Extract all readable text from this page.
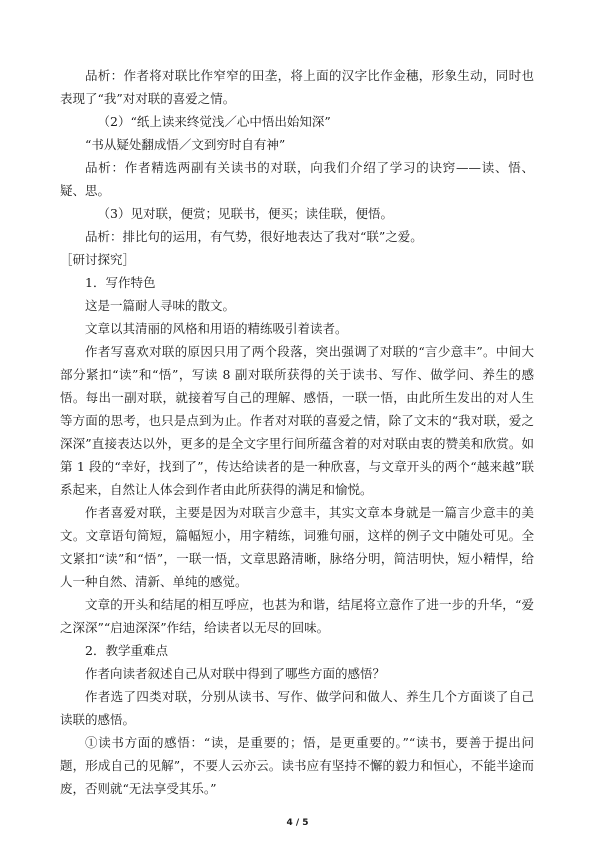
品析：作者将对联比作窄窄的田垄，将上面的汉字比作金穗，形象生动，同时也表现了“我”对对联的喜爱之情。

（2）“纸上读来终觉浅／心中悟出始知深”

“书从疑处翻成悟／文到穷时自有神”

品析：作者精选两副有关读书的对联，向我们介绍了学习的诀窍——读、悟、疑、思。

（3）见对联，便赏；见联书，便买；读佳联，便悟。

品析：排比句的运用，有气势，很好地表达了我对“联”之爱。

［研讨探究］

1．写作特色

这是一篇耐人寻味的散文。

文章以其清丽的风格和用语的精练吸引着读者。

作者写喜欢对联的原因只用了两个段落，突出强调了对联的“言少意丰”。中间大部分紧扣“读”和“悟”，写读 8 副对联所获得的关于读书、写作、做学问、养生的感悟。每出一副对联，就接着写自己的理解、感悟，一联一悟，由此所生发出的对人生等方面的思考，也只是点到为止。作者对对联的喜爱之情，除了文末的“我对联，爱之深深”直接表达以外，更多的是全文字里行间所蕴含着的对对联由衷的赞美和欣赏。如第 1 段的“幸好，找到了”，传达给读者的是一种欣喜，与文章开头的两个“越来越”联系起来，自然让人体会到作者由此所获得的满足和愉悦。

作者喜爱对联，主要是因为对联言少意丰，其实文章本身就是一篇言少意丰的美文。文章语句简短，篇幅短小，用字精练，词雅句丽，这样的例子文中随处可见。全文紧扣“读”和“悟”，一联一悟，文章思路清晰，脉络分明，简洁明快，短小精悍，给人一种自然、清新、单纯的感觉。

文章的开头和结尾的相互呼应，也甚为和谐，结尾将立意作了进一步的升华，“爱之深深”“启迪深深”作结，给读者以无尽的回味。

2．教学重难点

作者向读者叙述自己从对联中得到了哪些方面的感悟？

作者选了四类对联，分别从读书、写作、做学问和做人、养生几个方面谈了自己读联的感悟。

①读书方面的感悟：“读，是重要的；悟，是更重要的。”“读书，要善于提出问题，形成自己的见解”，不要人云亦云。读书应有坚持不懈的毅力和恒心，不能半途而废，否则就“无法享受其乐。”

4 / 5
